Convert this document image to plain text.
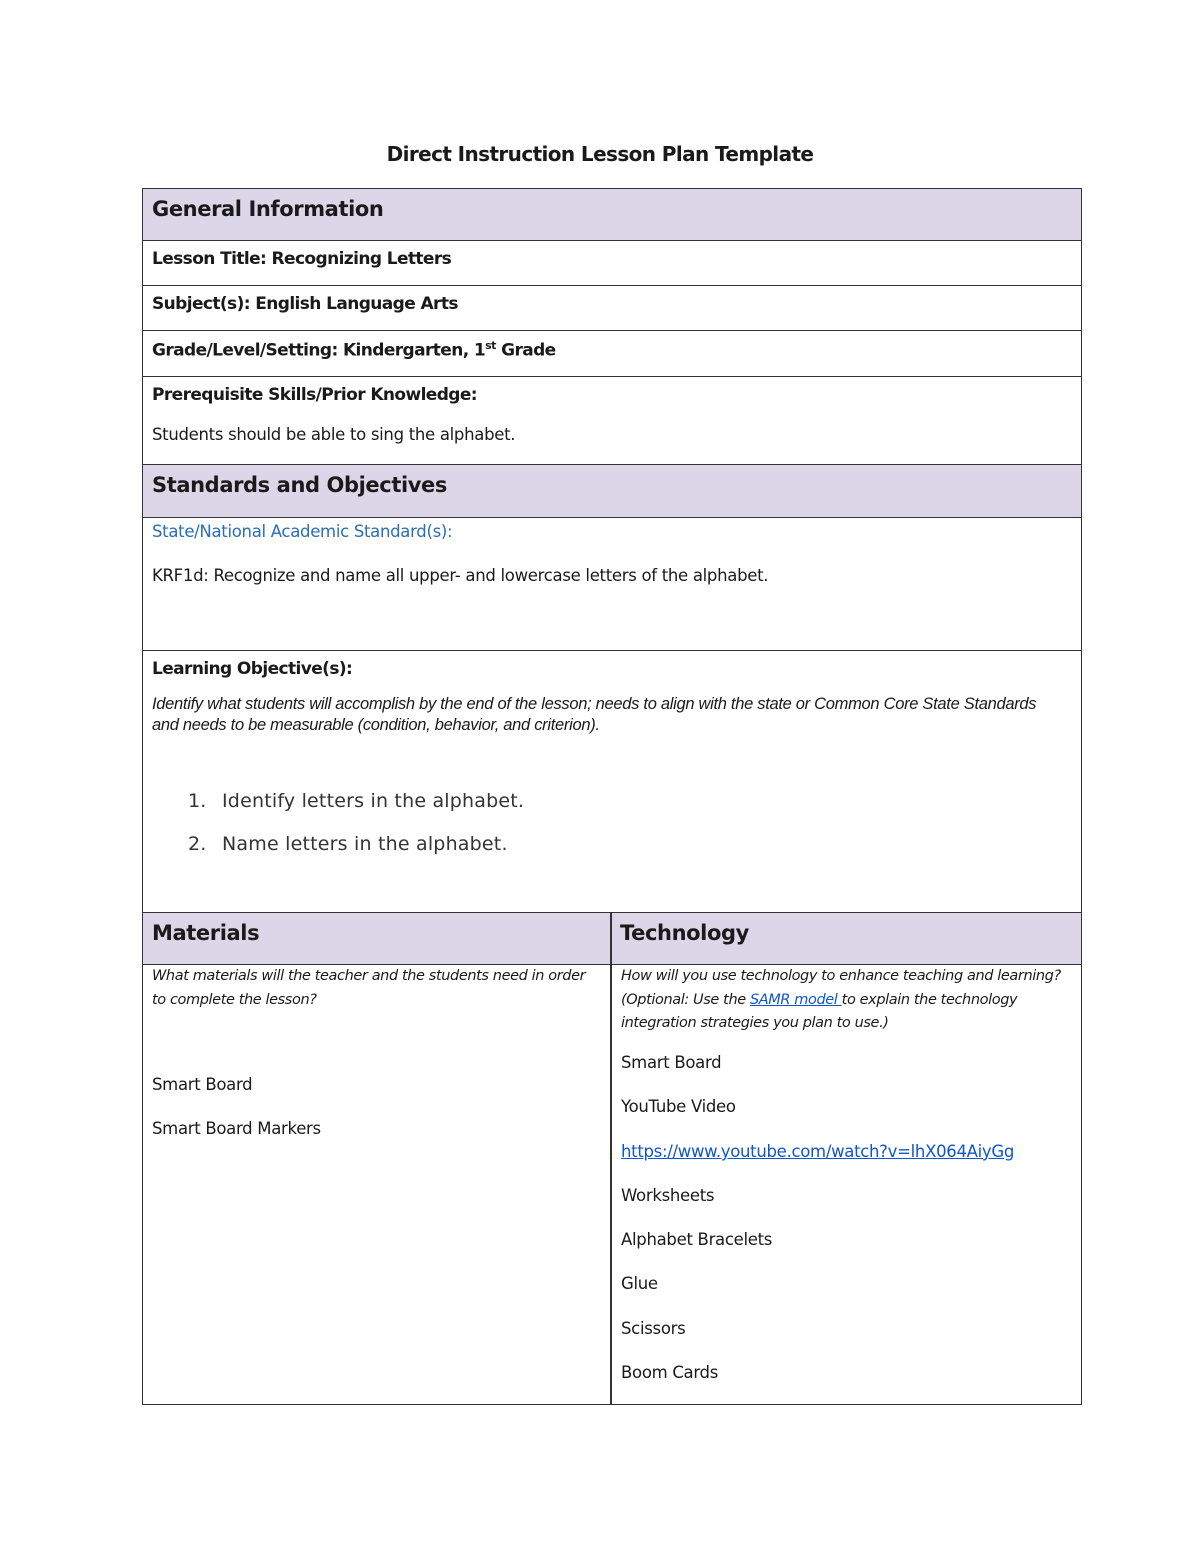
Direct Instruction Lesson Plan Template
General Information
Lesson Title: Recognizing Letters
Subject(s): English Language Arts
Grade/Level/Setting: Kindergarten, 1st Grade
Prerequisite Skills/Prior Knowledge:
Students should be able to sing the alphabet.
Standards and Objectives
State/National Academic Standard(s):
KRF1d: Recognize and name all upper- and lowercase letters of the alphabet.
Learning Objective(s):
Identify what students will accomplish by the end of the lesson; needs to align with the state or Common Core State Standards and needs to be measurable (condition, behavior, and criterion).
1. Identify letters in the alphabet.
2. Name letters in the alphabet.
Materials	Technology
What materials will the teacher and the students need in order to complete the lesson?
Smart Board
Smart Board Markers
How will you use technology to enhance teaching and learning? (Optional: Use the SAMR model to explain the technology integration strategies you plan to use.)
Smart Board
YouTube Video
https://www.youtube.com/watch?v=lhX064AiyGg
Worksheets
Alphabet Bracelets
Glue
Scissors
Boom Cards
